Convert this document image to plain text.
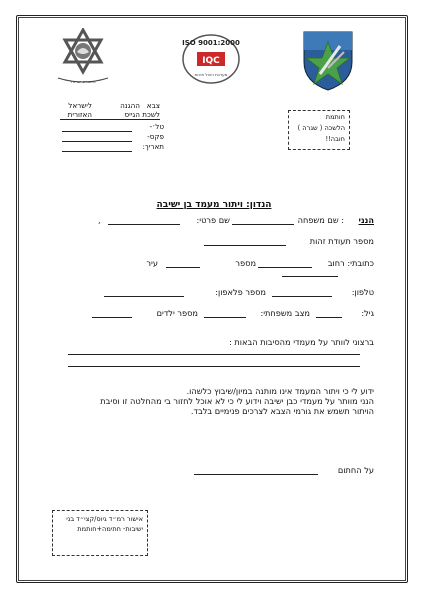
משטרת ישראל
IQC
ISO 9001:2000
מערכת ניהול איכות
צבא
ההגנה
לשכת
הגייס
לישראל
האזורית
טל׳-
פקס-
תאריך:
חותמת
הלשכה ( שגרה )
חובה!!
הנדון: ויתור מעמד בן ישיבה
הנני
: שם משפחה
שם פרטי:
,
מספר תעודת זהות
כתובתי: רחוב
מספר
עיר
טלפון:
מספר פלאפון:
גיל:
מצב משפחתי:
מספר ילדים
ברצוני לוותר על מעמדי מהסיבות הבאות :
ידוע לי כי ויתור המעמד אינו מותנה במיון/שיבוץ כלשהו.
הנני מוותר על מעמדי כבן ישיבה וידוע לי כי לא אוכל לחזור בי מהחלטה זו וסיבת
הויתור תשמש את גורמי הצבא לצרכים פנימיים בלבד.
על החתום
אישור רמ״ד גיוס/קצי״ד בני
ישיבות- חתימה+חותמת
